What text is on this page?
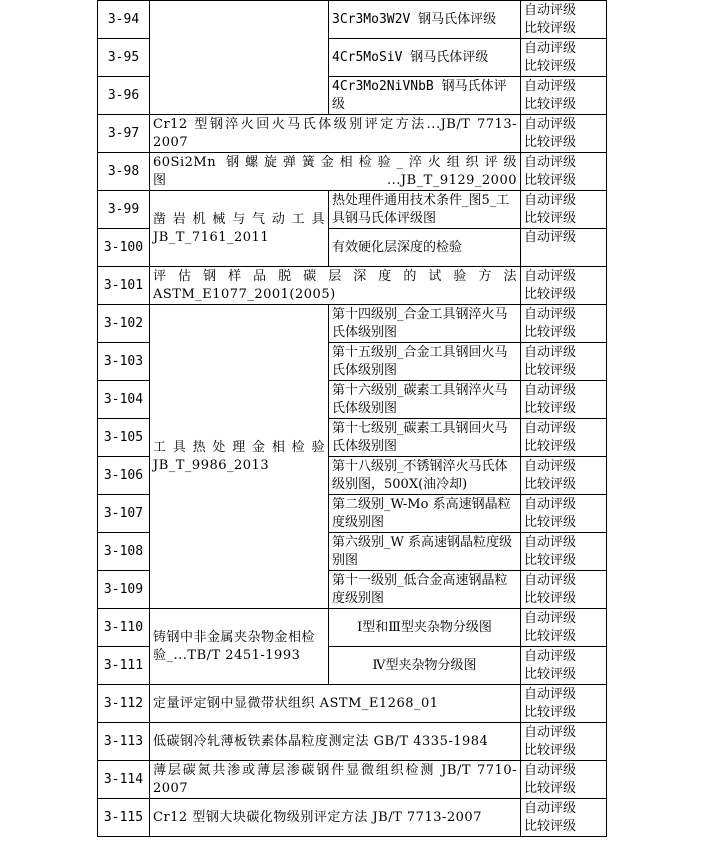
3-94		3Cr3Mo3W2V 钢马氏体评级	自动评级
比较评级

3-95		4Cr5MoSiV 钢马氏体评级	自动评级
比较评级

3-96		4Cr3Mo2NiVNbB 钢马氏体评级	自动评级
比较评级

3-97	Cr12 型钢淬火回火马氏体级别评定方法...JB/T 7713-2007		自动评级
比较评级

3-98	60Si2Mn 钢螺旋弹簧金相检验_淬火组织评级图...JB_T_9129_2000		自动评级
比较评级

3-99	凿岩机械与气动工具 JB_T_7161_2011	热处理件通用技术条件_图5_工具钢马氏体评级图	自动评级
比较评级

3-100		有效硬化层深度的检验	自动评级

3-101	评估钢样品脱碳层深度的试验方法 ASTM_E1077_2001(2005)		自动评级
比较评级

3-102	工具热处理金相检验 JB_T_9986_2013	第十四级别_合金工具钢淬火马氏体级别图	自动评级
比较评级

3-103		第十五级别_合金工具钢回火马氏体级别图	自动评级
比较评级

3-104		第十六级别_碳素工具钢淬火马氏体级别图	自动评级
比较评级

3-105		第十七级别_碳素工具钢回火马氏体级别图	自动评级
比较评级

3-106		第十八级别_不锈钢淬火马氏体级别图，500X(油冷却)	自动评级
比较评级

3-107		第二级别_W-Mo 系高速钢晶粒度级别图	自动评级
比较评级

3-108		第六级别_W 系高速钢晶粒度级别图	自动评级
比较评级

3-109		第十一级别_低合金高速钢晶粒度级别图	自动评级
比较评级

3-110	铸钢中非金属夹杂物金相检验_...TB/T 2451-1993	Ⅰ型和Ⅲ型夹杂物分级图	自动评级
比较评级

3-111		Ⅳ型夹杂物分级图	自动评级
比较评级

3-112	定量评定钢中显微带状组织 ASTM_E1268_01		自动评级
比较评级

3-113	低碳钢冷轧薄板铁素体晶粒度测定法 GB/T 4335-1984		自动评级
比较评级

3-114	薄层碳氮共渗或薄层渗碳钢件显微组织检测 JB/T 7710-2007		自动评级
比较评级

3-115	Cr12 型钢大块碳化物级别评定方法 JB/T 7713-2007		自动评级
比较评级
